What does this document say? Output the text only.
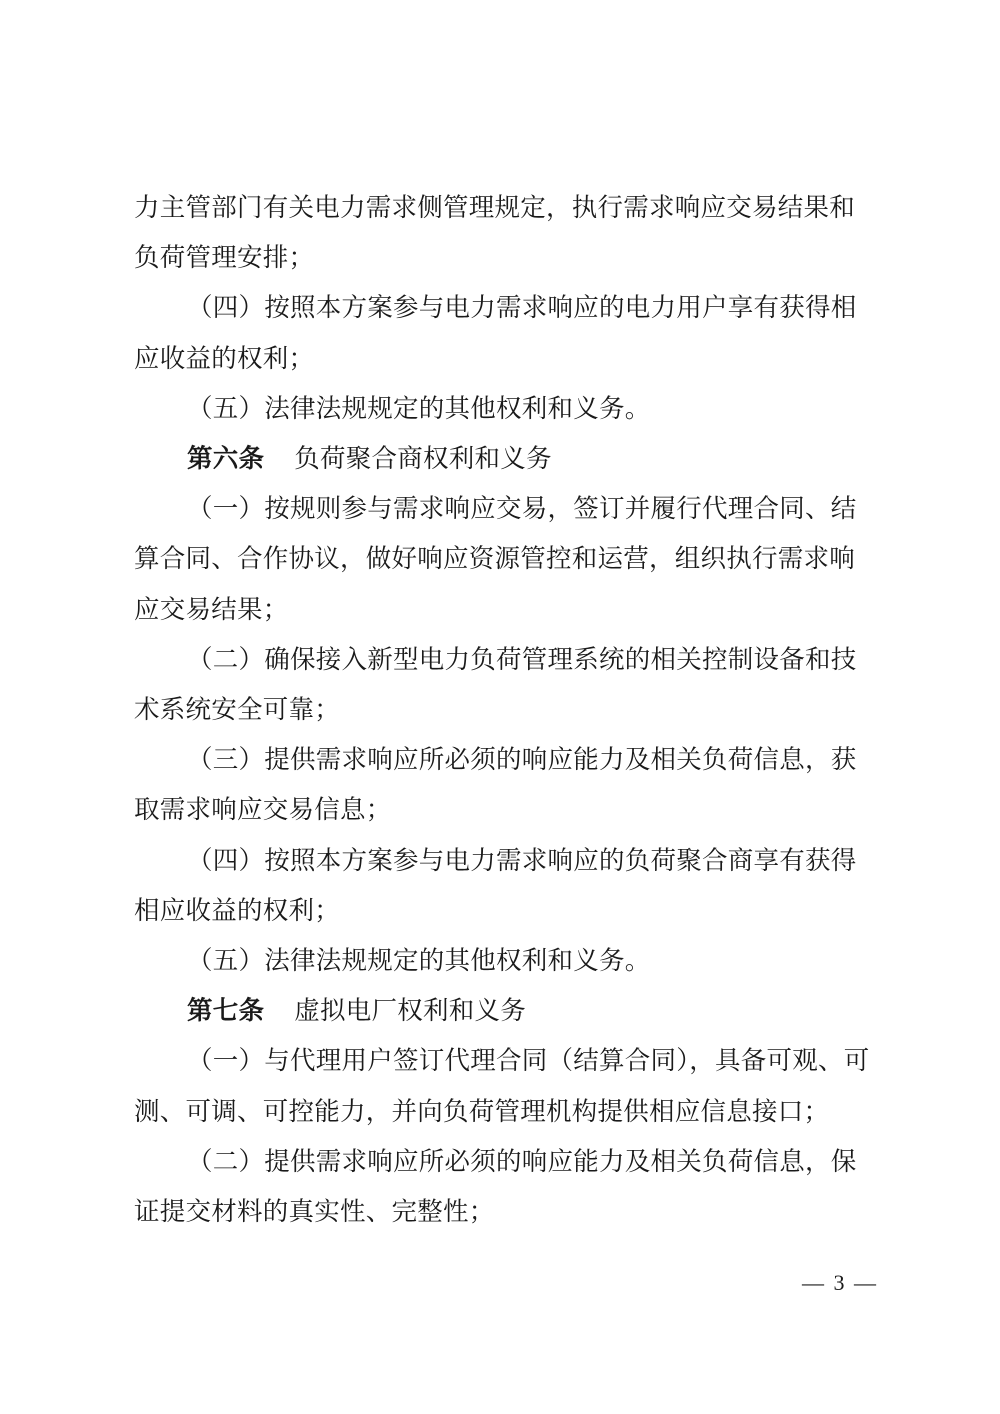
力主管部门有关电力需求侧管理规定，执行需求响应交易结果和负荷管理安排；

（四）按照本方案参与电力需求响应的电力用户享有获得相应收益的权利；

（五）法律法规规定的其他权利和义务。

第六条 负荷聚合商权利和义务

（一）按规则参与需求响应交易，签订并履行代理合同、结算合同、合作协议，做好响应资源管控和运营，组织执行需求响应交易结果；

（二）确保接入新型电力负荷管理系统的相关控制设备和技术系统安全可靠；

（三）提供需求响应所必须的响应能力及相关负荷信息，获取需求响应交易信息；

（四）按照本方案参与电力需求响应的负荷聚合商享有获得相应收益的权利；

（五）法律法规规定的其他权利和义务。

第七条 虚拟电厂权利和义务

（一）与代理用户签订代理合同（结算合同），具备可观、可测、可调、可控能力，并向负荷管理机构提供相应信息接口；

（二）提供需求响应所必须的响应能力及相关负荷信息，保证提交材料的真实性、完整性；

— 3 —
